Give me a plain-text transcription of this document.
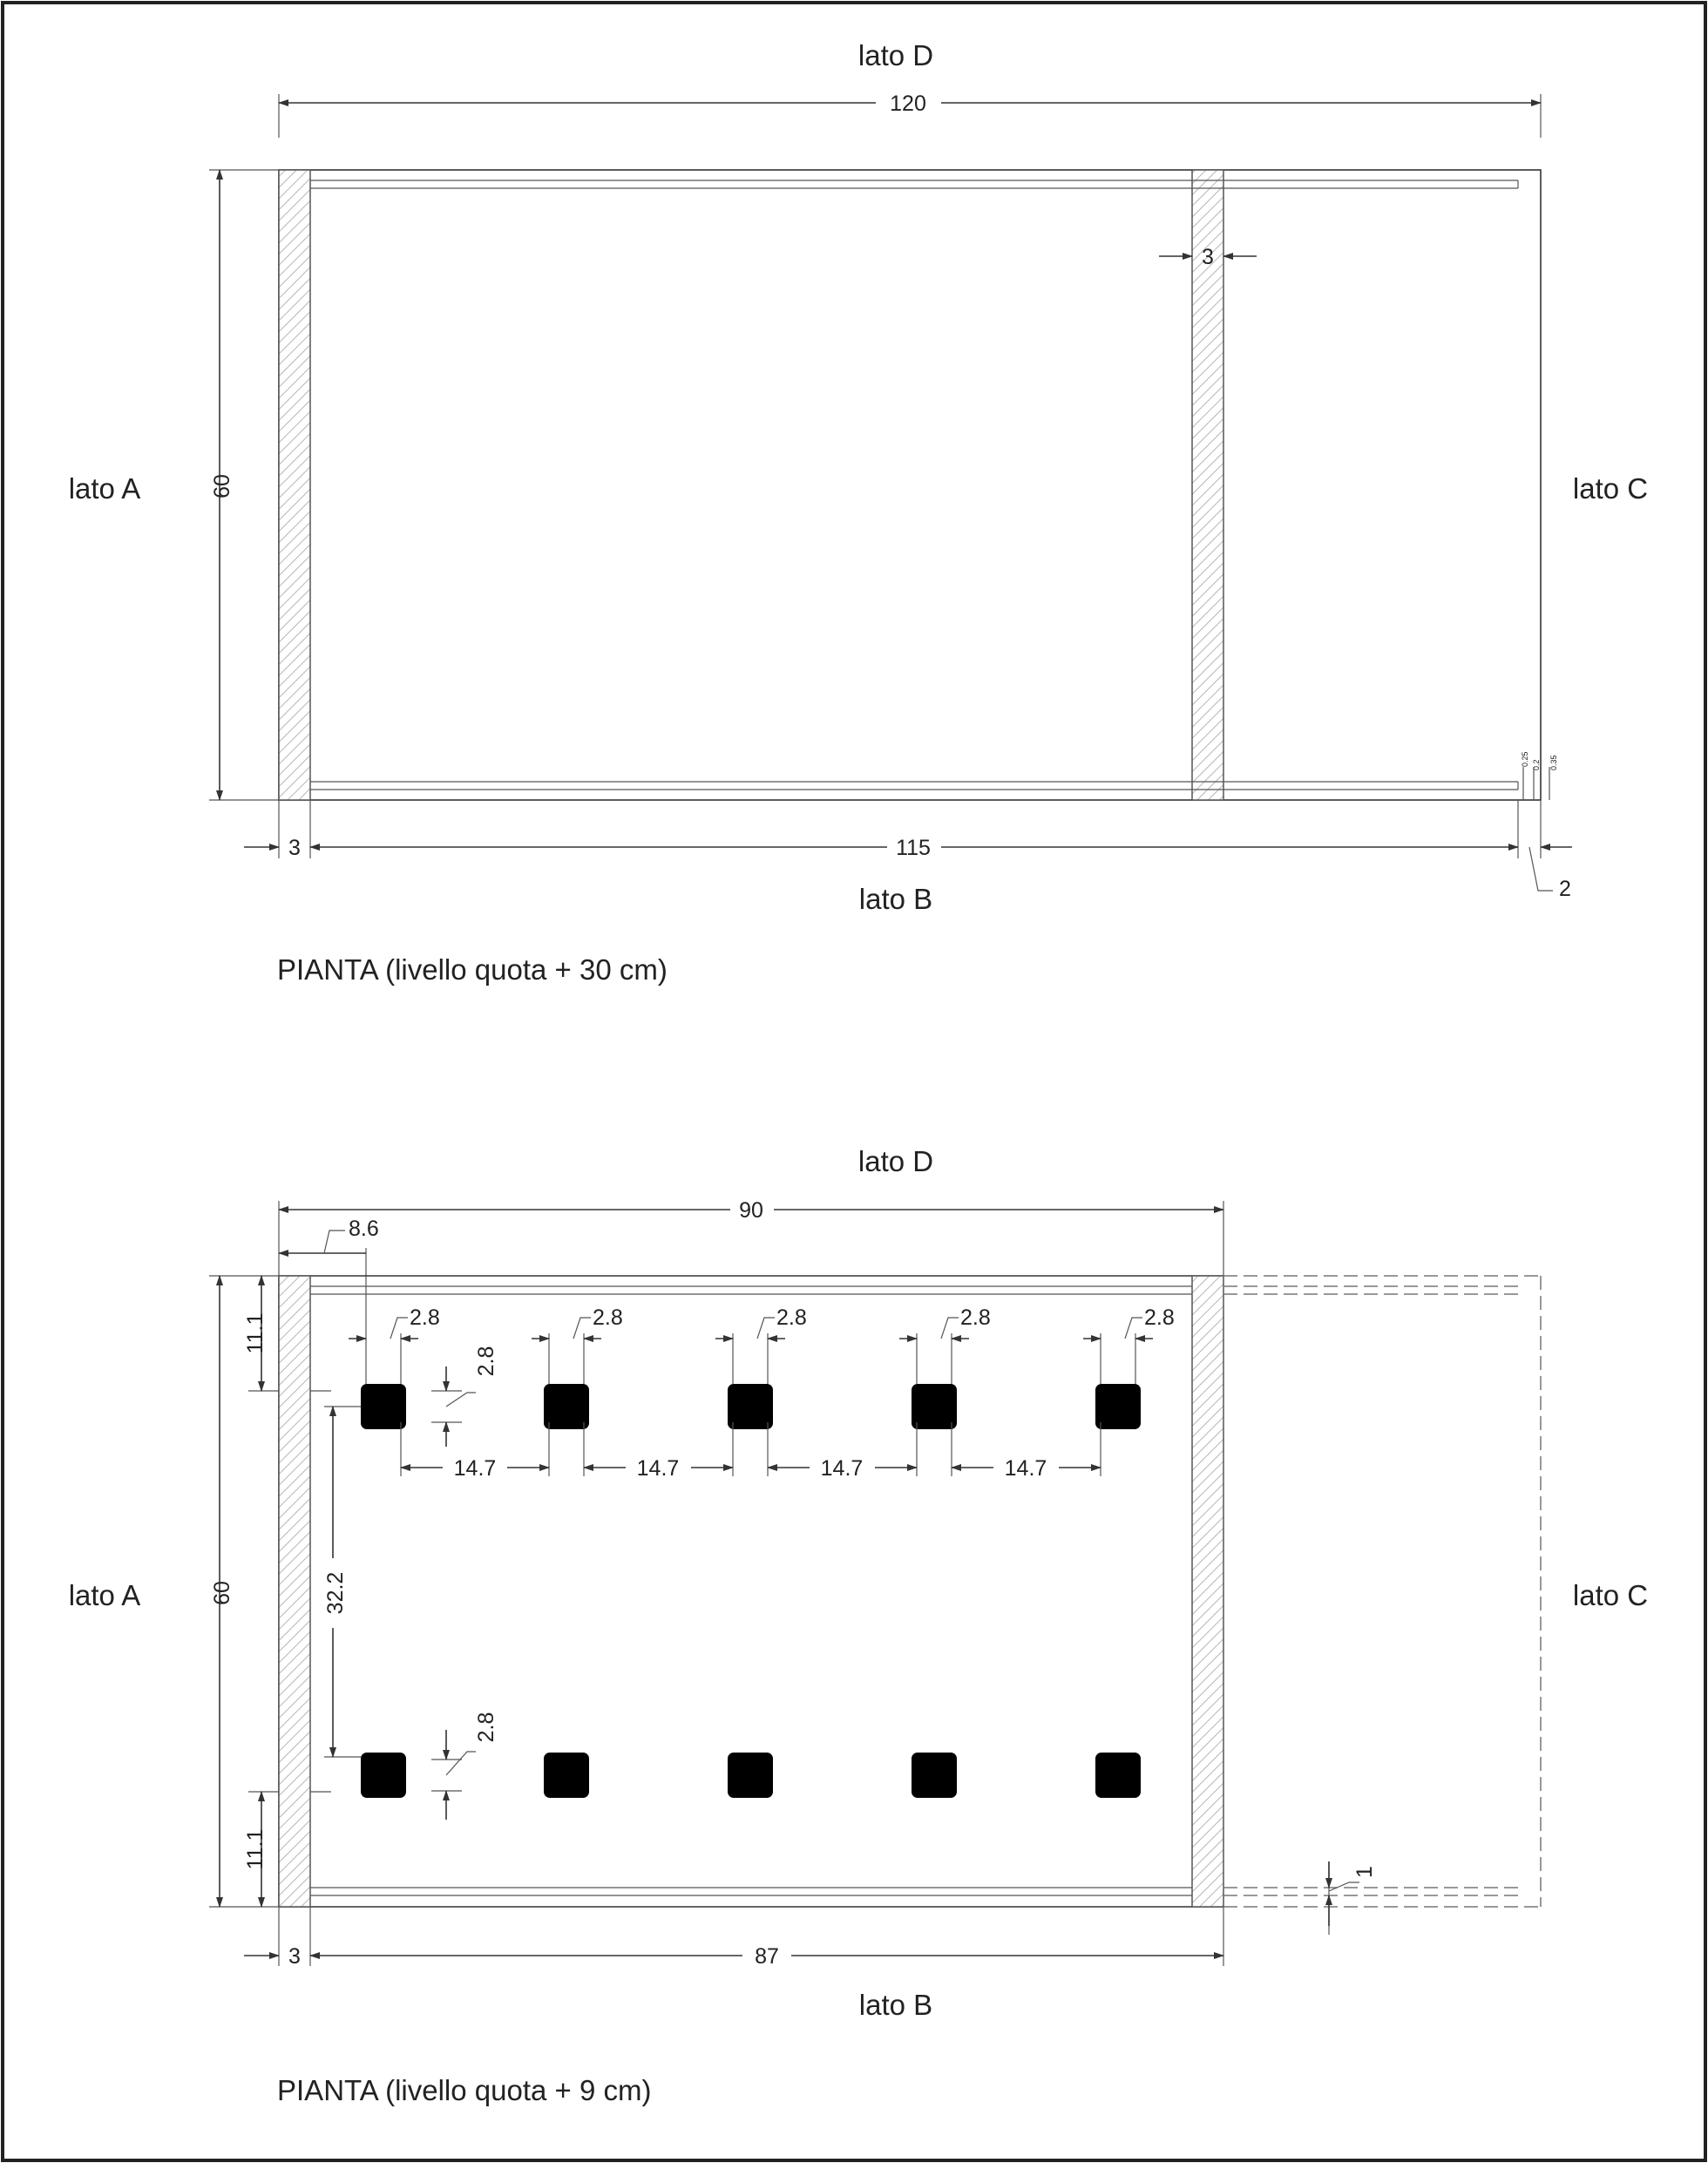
lato D
lato B
lato A	lato C
120
60
3
0.25 0.2 0.35
3	115
2
PIANTA (livello quota + 30 cm)
lato D
lato B
lato A	lato C
90
8.6
60
11.1
11.1
1
2.8	2.8	2.8	2.8	2.8
2.8
2.8
14.7	14.7	14.7	14.7
32.2
3	87
PIANTA (livello quota + 9 cm)
